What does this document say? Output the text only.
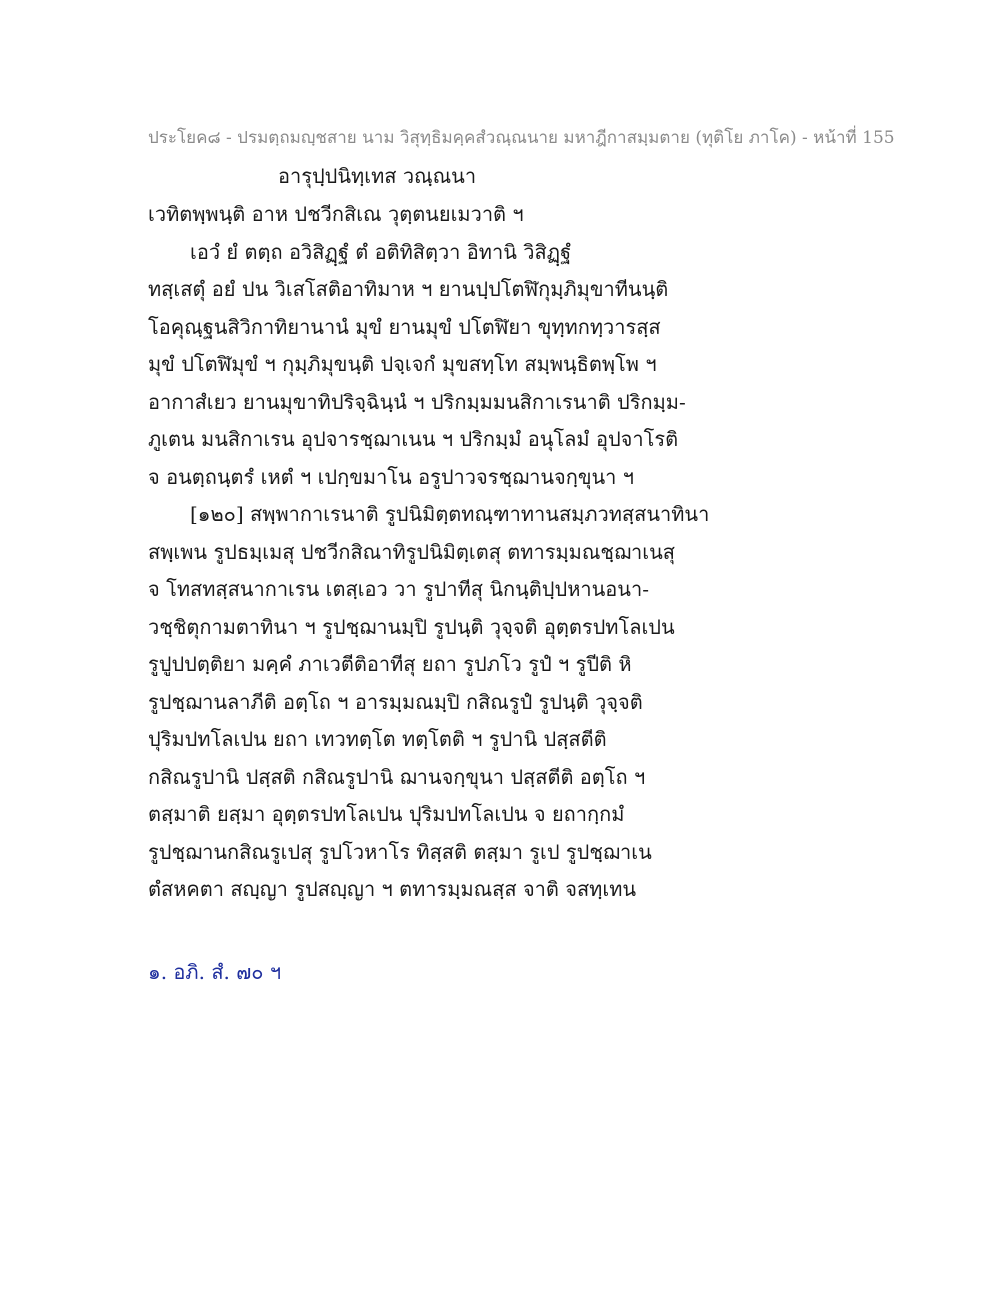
ประโยค๘ - ปรมตฺถมญฺชสาย นาม วิสุทฺธิมคฺคสํวณฺณนาย มหาฎีกาสมฺมตาย (ทุติโย ภาโค) - หน้าที่ 155
อารุปฺปนิทฺเทส วณฺณนา
เวทิตพฺพนฺติ อาห ปชวีกสิเณ วุตฺตนยเมวาติ ฯ
เอวํ ยํ ตตฺถ อวิสิฏฺฐํ ตํ อติทิสิตฺวา อิทานิ วิสิฏฺฐํ
ทสฺเสตุํ อยํ ปน วิเสโสติอาทิมาห ฯ ยานปฺปโตฬิกุมฺภิมุขาทีนนฺติ
โอคุณฺฐนสิวิกาทิยานานํ มุขํ ยานมุขํ ปโตฬิยา ขุทฺทกทฺวารสฺส
มุขํ ปโตฬิมุขํ ฯ กุมฺภิมุขนฺติ ปจฺเจกํ มุขสทฺโท สมฺพนฺธิตพฺโพ ฯ
อากาสํเยว ยานมุขาทิปริจฺฉินฺนํ ฯ ปริกมฺมมนสิกาเรนาติ ปริกมฺม-
ภูเตน มนสิกาเรน อุปจารชฺฌาเนน ฯ ปริกมฺมํ อนุโลมํ อุปจาโรติ
จ อนตฺถนฺตรํ เหตํ ฯ เปกฺขมาโน อรูปาวจรชฺฌานจกฺขุนา ฯ
[๑๒๐] สพฺพากาเรนาติ รูปนิมิตฺตทณฺฑาทานสมฺภวทสฺสนาทินา
สพฺเพน รูปธมฺเมสุ ปชวีกสิณาทิรูปนิมิตฺเตสุ ตทารมฺมณชฺฌาเนสุ
จ โทสทสฺสนากาเรน เตสฺเอว วา รูปาทีสุ นิกนฺติปฺปหานอนา-
วชฺชิตุกามตาทินา ฯ รูปชฺฌานมฺปิ รูปนฺติ วุจฺจติ อุตฺตรปทโลเปน
รูปูปปตฺติยา มคฺคํ ภาเวตีติอาทีสุ ยถา รูปภโว รูปํ ฯ รูปีติ หิ
รูปชฺฌานลาภีติ อตฺโถ ฯ อารมฺมณมฺปิ กสิณรูปํ รูปนฺติ วุจฺจติ
ปุริมปทโลเปน ยถา เทวทตฺโต ทตฺโตติ ฯ รูปานิ ปสฺสตีติ
กสิณรูปานิ ปสฺสติ กสิณรูปานิ ฌานจกฺขุนา ปสฺสตีติ อตฺโถ ฯ
ตสฺมาติ ยสฺมา อุตฺตรปทโลเปน ปุริมปทโลเปน จ ยถากฺกมํ
รูปชฺฌานกสิณรูเปสุ รูปโวหาโร ทิสฺสติ ตสฺมา รูเป รูปชฺฌาเน
ตํสหคตา สญฺญา รูปสญฺญา ฯ ตทารมฺมณสฺส จาติ จสทฺเทน
๑. อภิ. สํ. ๗๐ ฯ
